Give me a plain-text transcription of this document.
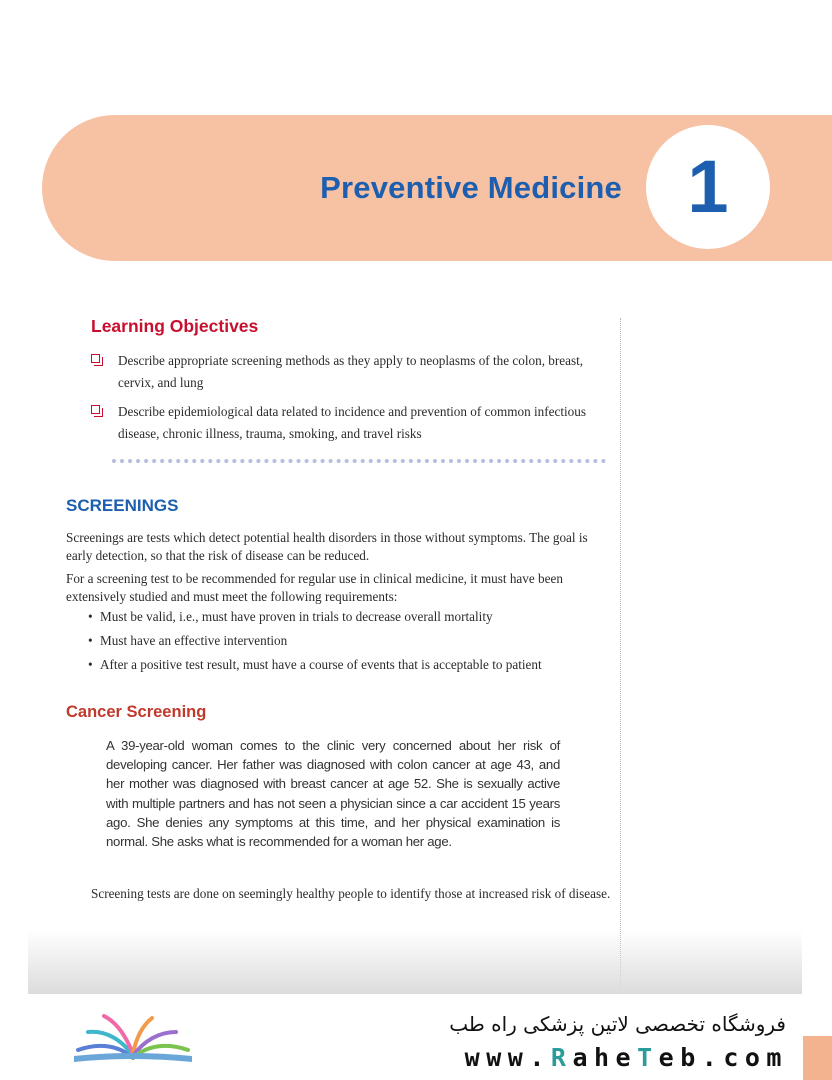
Preventive Medicine 1
Learning Objectives
Describe appropriate screening methods as they apply to neoplasms of the colon, breast, cervix, and lung
Describe epidemiological data related to incidence and prevention of common infectious disease, chronic illness, trauma, smoking, and travel risks
SCREENINGS

Screenings are tests which detect potential health disorders in those without symptoms. The goal is early detection, so that the risk of disease can be reduced.

For a screening test to be recommended for regular use in clinical medicine, it must have been extensively studied and must meet the following requirements:

• Must be valid, i.e., must have proven in trials to decrease overall mortality
• Must have an effective intervention
• After a positive test result, must have a course of events that is acceptable to patient
Cancer Screening

A 39-year-old woman comes to the clinic very concerned about her risk of developing cancer. Her father was diagnosed with colon cancer at age 43, and her mother was diagnosed with breast cancer at age 52. She is sexually active with multiple partners and has not seen a physician since a car accident 15 years ago. She denies any symptoms at this time, and her physical examination is normal. She asks what is recommended for a woman her age.

Screening tests are done on seemingly healthy people to identify those at increased risk of disease.

فروشگاه تخصصی لاتین پزشکی راه طب
www.RaheTeb.com
